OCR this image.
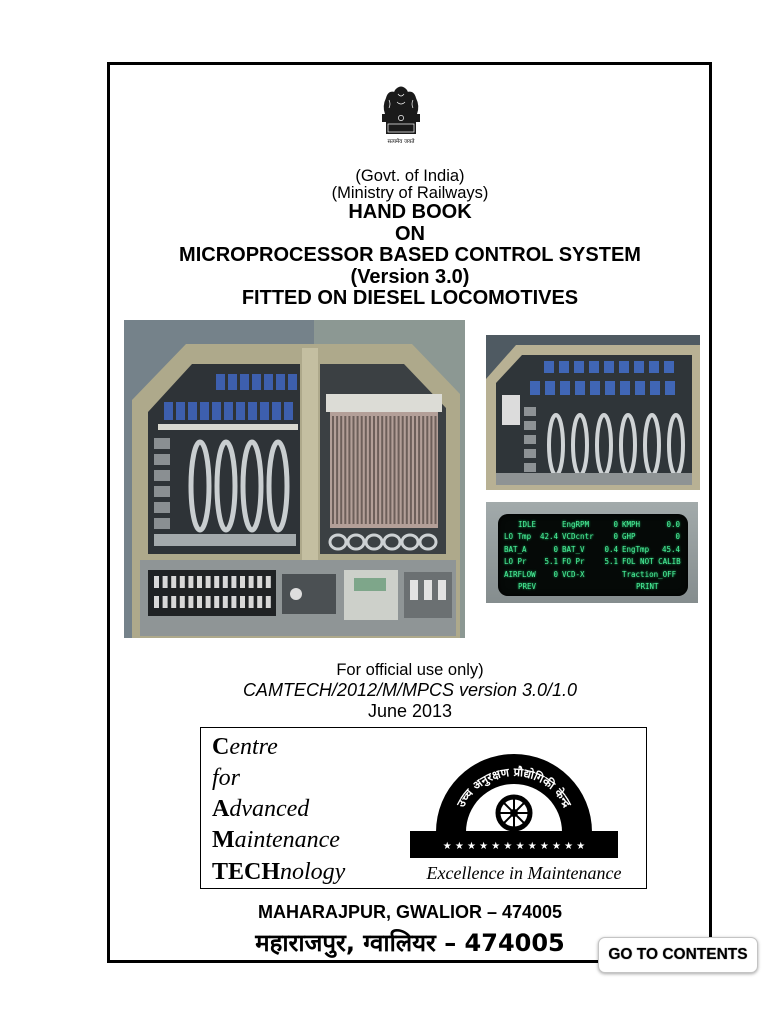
सत्यमेव जयते
(Govt. of India)
(Ministry of Railways)
HAND BOOK
ON
MICROPROCESSOR BASED CONTROL SYSTEM
(Version 3.0)
FITTED ON DIESEL LOCOMOTIVES
IDLE	EngRPM	0 KMPH	0.0
LO Tmp 42.4 VCDcntr	0 GHP	0
BAT_A	0 BAT_V	0.4 EngTmp 45.4
LO Pr 5.1 FO Pr	5.1 FOL NOT CALIB
AIRFLOW 0 VCD-X	Traction_OFF
PREV	PRINT
For official use only)
CAMTECH/2012/M/MPCS version 3.0/1.0
June 2013
Centre
for
Advanced
Maintenance
TECHnology
उच्च अनुरक्षण प्रौद्योगिकी केन्द्र
★ ★ ★ ★ ★ ★ ★ ★ ★ ★ ★ ★
Excellence in Maintenance
MAHARAJPUR, GWALIOR – 474005
महाराजपुर, ग्वालियर – 474005	GO TO CONTENTS
